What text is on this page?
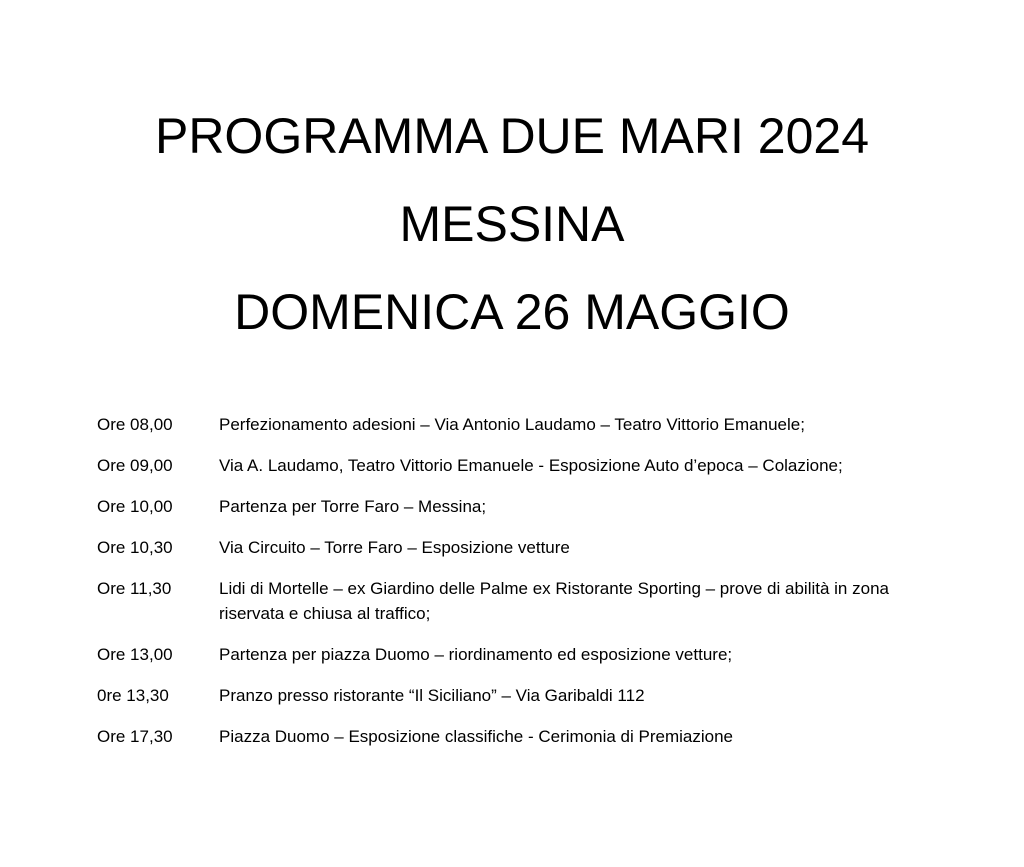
PROGRAMMA DUE MARI 2024
MESSINA
DOMENICA 26 MAGGIO
Ore 08,00	Perfezionamento adesioni – Via Antonio Laudamo – Teatro Vittorio Emanuele;
Ore 09,00	Via A. Laudamo, Teatro Vittorio Emanuele - Esposizione Auto d’epoca – Colazione;
Ore 10,00	Partenza per Torre Faro – Messina;
Ore 10,30	Via Circuito – Torre Faro – Esposizione vetture
Ore 11,30	Lidi di Mortelle – ex Giardino delle Palme ex Ristorante Sporting – prove di abilità in zona riservata e chiusa al traffico;
Ore 13,00	Partenza per piazza Duomo – riordinamento ed esposizione vetture;
0re 13,30	Pranzo presso ristorante “Il Siciliano” – Via Garibaldi 112
Ore 17,30	Piazza Duomo – Esposizione classifiche - Cerimonia di Premiazione
